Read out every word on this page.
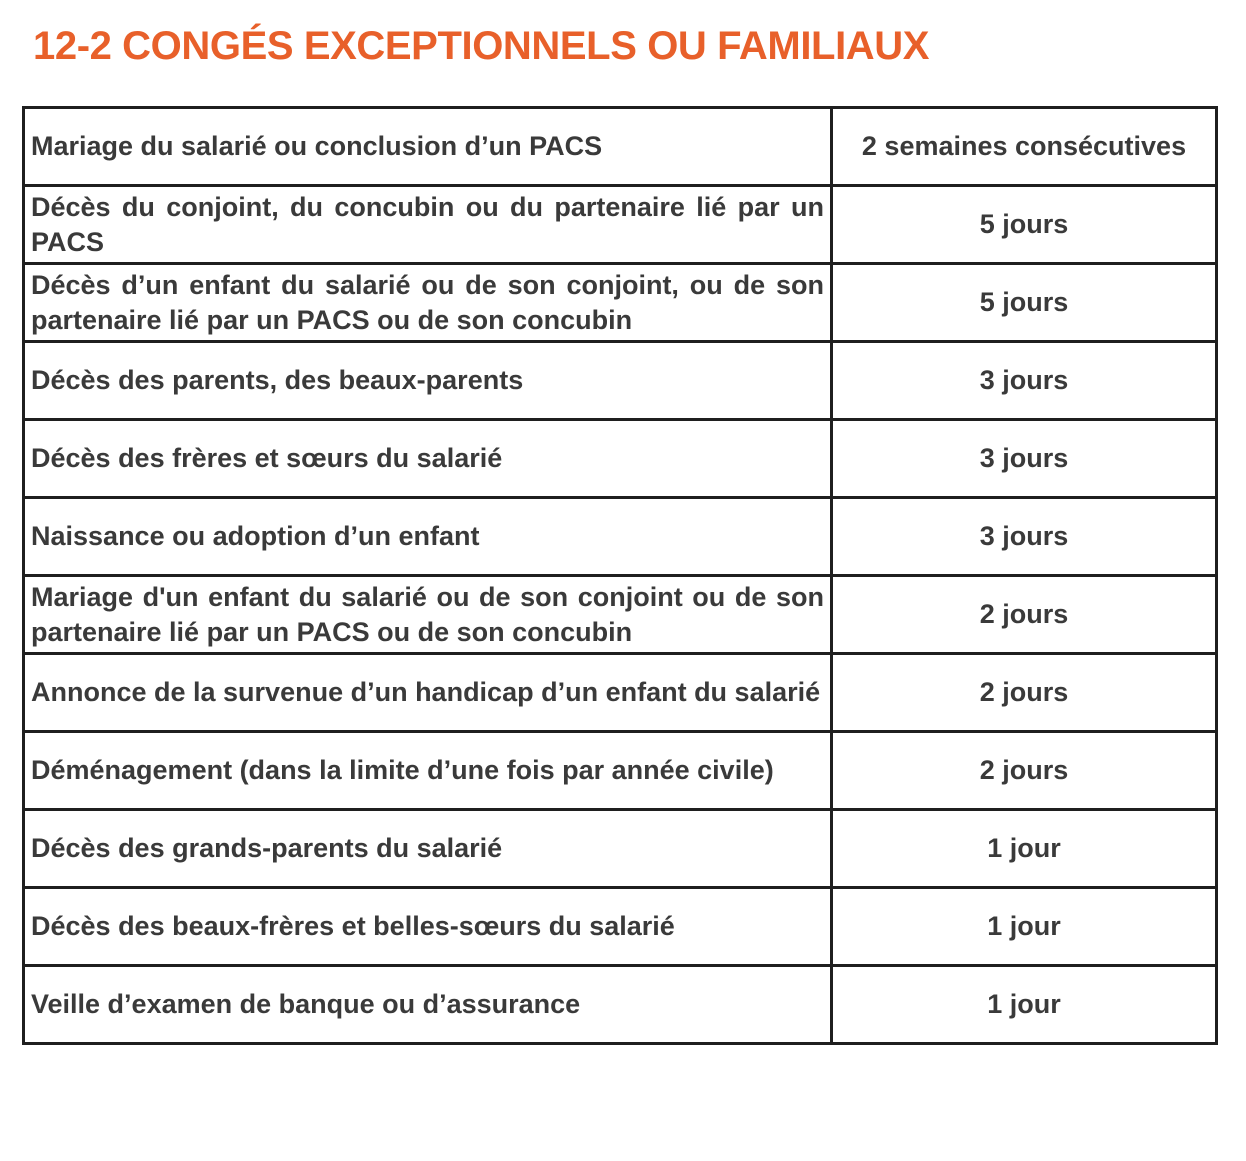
12-2 CONGÉS EXCEPTIONNELS OU FAMILIAUX
Mariage du salarié ou conclusion d’un PACS	2 semaines consécutives
Décès du conjoint, du concubin ou du partenaire lié par un PACS	5 jours
Décès d’un enfant du salarié ou de son conjoint, ou de son partenaire lié par un PACS ou de son concubin	5 jours
Décès des parents, des beaux-parents	3 jours
Décès des frères et sœurs du salarié	3 jours
Naissance ou adoption d’un enfant	3 jours
Mariage d'un enfant du salarié ou de son conjoint ou de son partenaire lié par un PACS ou de son concubin	2 jours
Annonce de la survenue d’un handicap d’un enfant du salarié	2 jours
Déménagement (dans la limite d’une fois par année civile)	2 jours
Décès des grands-parents du salarié	1 jour
Décès des beaux-frères et belles-sœurs du salarié	1 jour
Veille d’examen de banque ou d’assurance	1 jour
